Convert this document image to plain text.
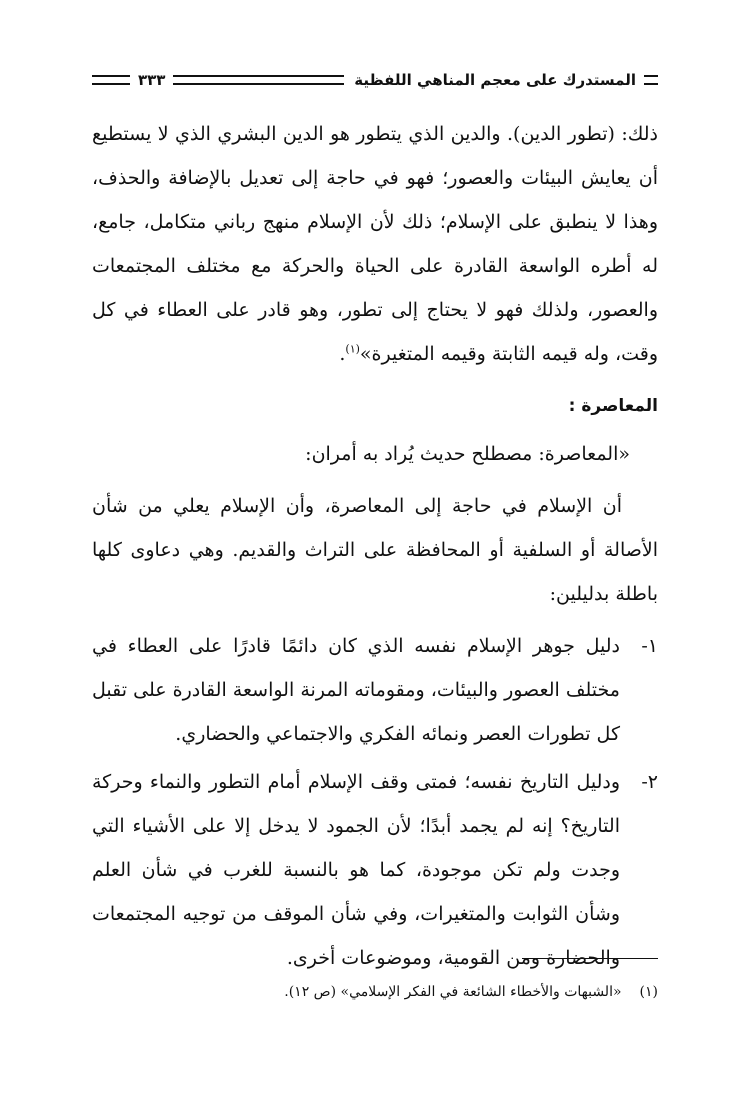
المستدرك على معجم المناهي اللفظية
٣٣٣

ذلك: (تطور الدين). والدين الذي يتطور هو الدين البشري الذي لا يستطيع أن يعايش البيئات والعصور؛ فهو في حاجة إلى تعديل بالإضافة والحذف، وهذا لا ينطبق على الإسلام؛ ذلك لأن الإسلام منهج رباني متكامل، جامع، له أطره الواسعة القادرة على الحياة والحركة مع مختلف المجتمعات والعصور، ولذلك فهو لا يحتاج إلى تطور، وهو قادر على العطاء في كل وقت، وله قيمه الثابتة وقيمه المتغيرة»$^{(١)}$.

المعاصرة :

«المعاصرة: مصطلح حديث يُراد به أمران:

أن الإسلام في حاجة إلى المعاصرة، وأن الإسلام يعلي من شأن الأصالة أو السلفية أو المحافظة على التراث والقديم. وهي دعاوى كلها باطلة بدليلين:

١-
دليل جوهر الإسلام نفسه الذي كان دائمًا قادرًا على العطاء في مختلف العصور والبيئات، ومقوماته المرنة الواسعة القادرة على تقبل كل تطورات العصر ونمائه الفكري والاجتماعي والحضاري.
٢-
ودليل التاريخ نفسه؛ فمتى وقف الإسلام أمام التطور والنماء وحركة التاريخ؟ إنه لم يجمد أبدًا؛ لأن الجمود لا يدخل إلا على الأشياء التي وجدت ولم تكن موجودة، كما هو بالنسبة للغرب في شأن العلم وشأن الثوابت والمتغيرات، وفي شأن الموقف من توجيه المجتمعات والحضارة ومن القومية، وموضوعات أخرى.
(١)«الشبهات والأخطاء الشائعة في الفكر الإسلامي» (ص ١٢).
